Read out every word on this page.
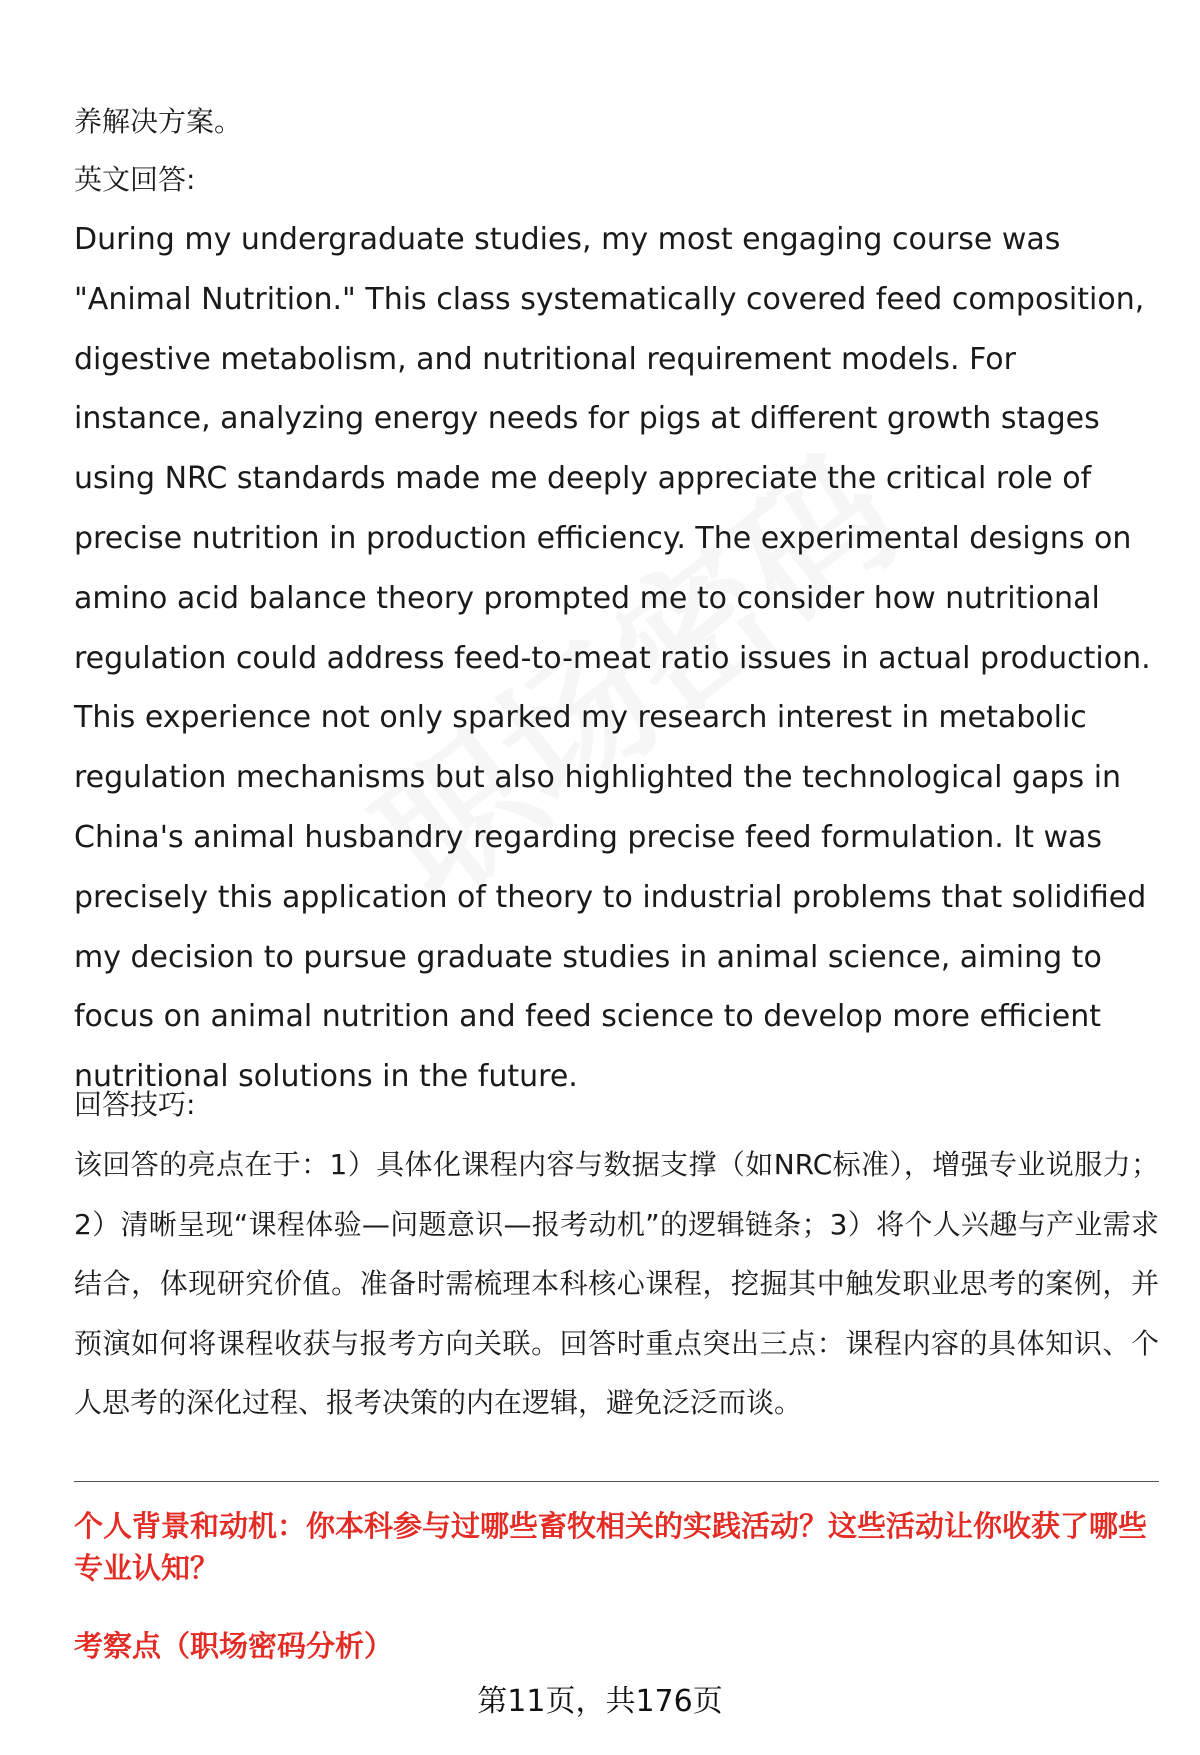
养解决方案。

英文回答:

During my undergraduate studies, my most engaging course was "Animal Nutrition." This class systematically covered feed composition, digestive metabolism, and nutritional requirement models. For instance, analyzing energy needs for pigs at different growth stages using NRC standards made me deeply appreciate the critical role of precise nutrition in production efficiency. The experimental designs on amino acid balance theory prompted me to consider how nutritional regulation could address feed-to-meat ratio issues in actual production. This experience not only sparked my research interest in metabolic regulation mechanisms but also highlighted the technological gaps in China's animal husbandry regarding precise feed formulation. It was precisely this application of theory to industrial problems that solidified my decision to pursue graduate studies in animal science, aiming to focus on animal nutrition and feed science to develop more efficient nutritional solutions in the future.

回答技巧:

该回答的亮点在于：1）具体化课程内容与数据支撑（如NRC标准），增强专业说服力；2）清晰呈现“课程体验—问题意识—报考动机”的逻辑链条；3）将个人兴趣与产业需求结合，体现研究价值。准备时需梳理本科核心课程，挖掘其中触发职业思考的案例，并预演如何将课程收获与报考方向关联。回答时重点突出三点：课程内容的具体知识、个人思考的深化过程、报考决策的内在逻辑，避免泛泛而谈。

个人背景和动机：你本科参与过哪些畜牧相关的实践活动？这些活动让你收获了哪些专业认知？

考察点（职场密码分析）

第11页，共176页
